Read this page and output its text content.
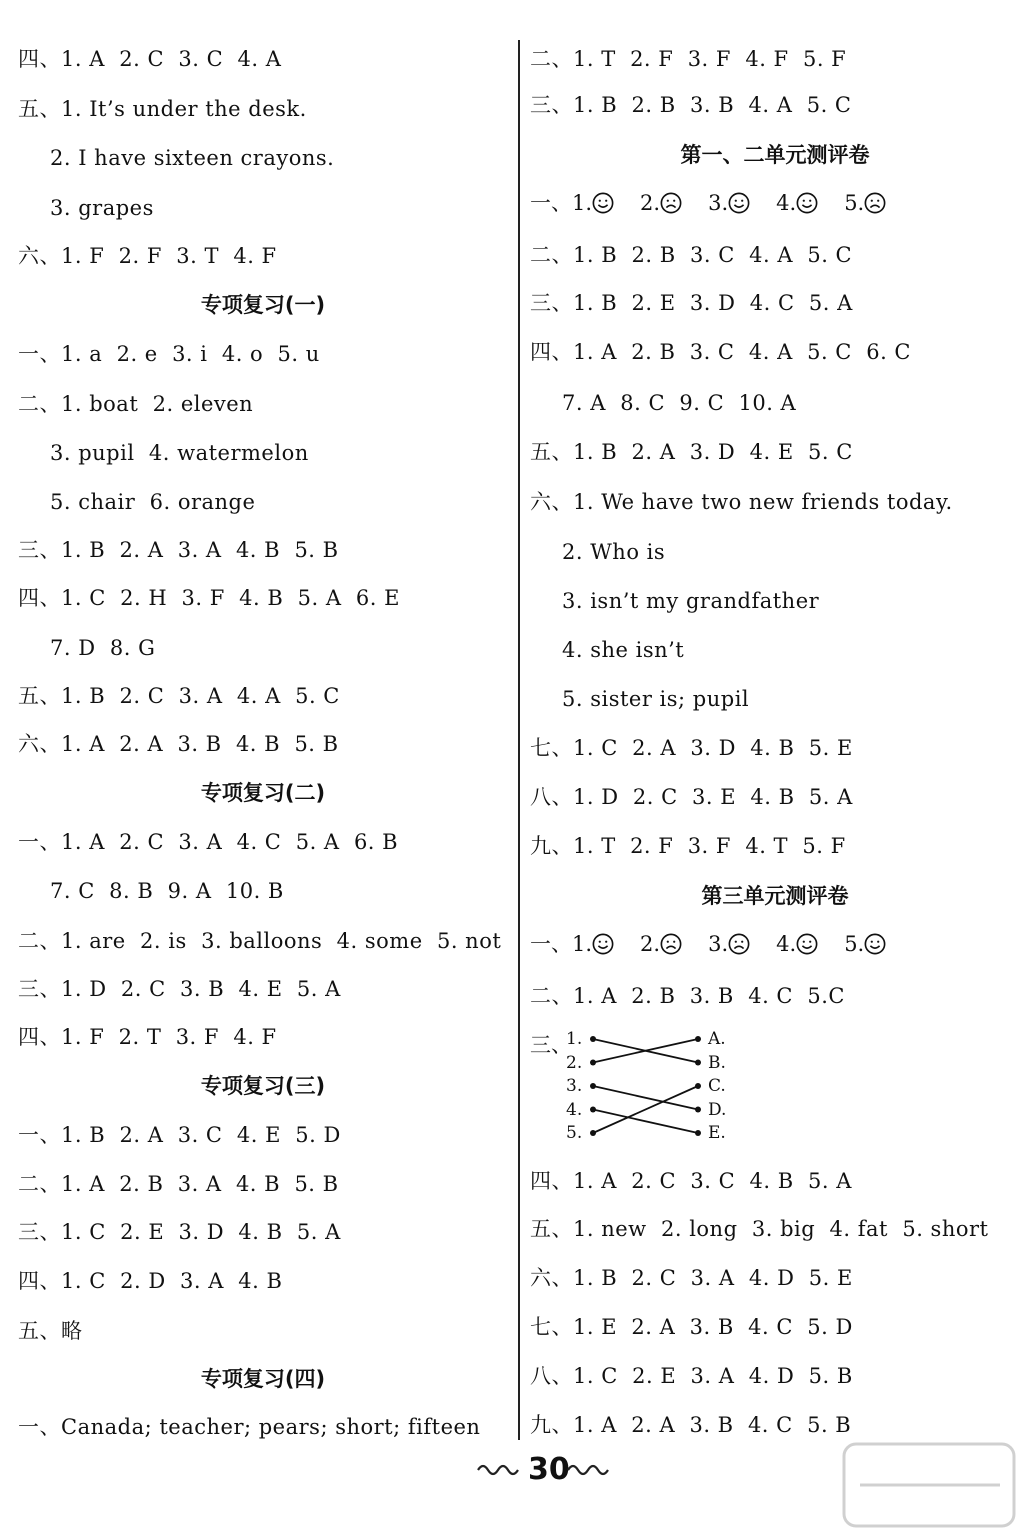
四、1. A  2. C  3. C  4. A
五、1. It’s under the desk.
2. I have sixteen crayons.
3. grapes
六、1. F  2. F  3. T  4. F
一、1. a  2. e  3. i  4. o  5. u
二、1. boat  2. eleven
3. pupil  4. watermelon
5. chair  6. orange
三、1. B  2. A  3. A  4. B  5. B
四、1. C  2. H  3. F  4. B  5. A  6. E
7. D  8. G
五、1. B  2. C  3. A  4. A  5. C
六、1. A  2. A  3. B  4. B  5. B
一、1. A  2. C  3. A  4. C  5. A  6. B
7. C  8. B  9. A  10. B
二、1. are  2. is  3. balloons  4. some  5. not
三、1. D  2. C  3. B  4. E  5. A
四、1. F  2. T  3. F  4. F
一、1. B  2. A  3. C  4. E  5. D
二、1. A  2. B  3. A  4. B  5. B
三、1. C  2. E  3. D  4. B  5. A
四、1. C  2. D  3. A  4. B
五、略
一、Canada; teacher; pears; short; fifteen
专项复习(一)
专项复习(二)
专项复习(三)
专项复习(四)
二、1. T  2. F  3. F  4. F  5. F
三、1. B  2. B  3. B  4. A  5. C
二、1. B  2. B  3. C  4. A  5. C
三、1. B  2. E  3. D  4. C  5. A
四、1. A  2. B  3. C  4. A  5. C  6. C
7. A  8. C  9. C  10. A
五、1. B  2. A  3. D  4. E  5. C
六、1. We have two new friends today.
2. Who is
3. isn’t my grandfather
4. she isn’t
5. sister is; pupil
七、1. C  2. A  3. D  4. B  5. E
八、1. D  2. C  3. E  4. B  5. A
九、1. T  2. F  3. F  4. T  5. F
二、1. A  2. B  3. B  4. C  5.C
四、1. A  2. C  3. C  4. B  5. A
五、1. new  2. long  3. big  4. fat  5. short
六、1. B  2. C  3. A  4. D  5. E
七、1. E  2. A  3. B  4. C  5. D
八、1. C  2. E  3. A  4. D  5. B
九、1. A  2. A  3. B  4. C  5. B
第一、二单元测评卷
第三单元测评卷
一、1. 2. 3. 4. 5.
一、1. 2. 3. 4. 5.
三、
1.
2.
3.
4.
5.
A.
B.
C.
D.
E.
30
